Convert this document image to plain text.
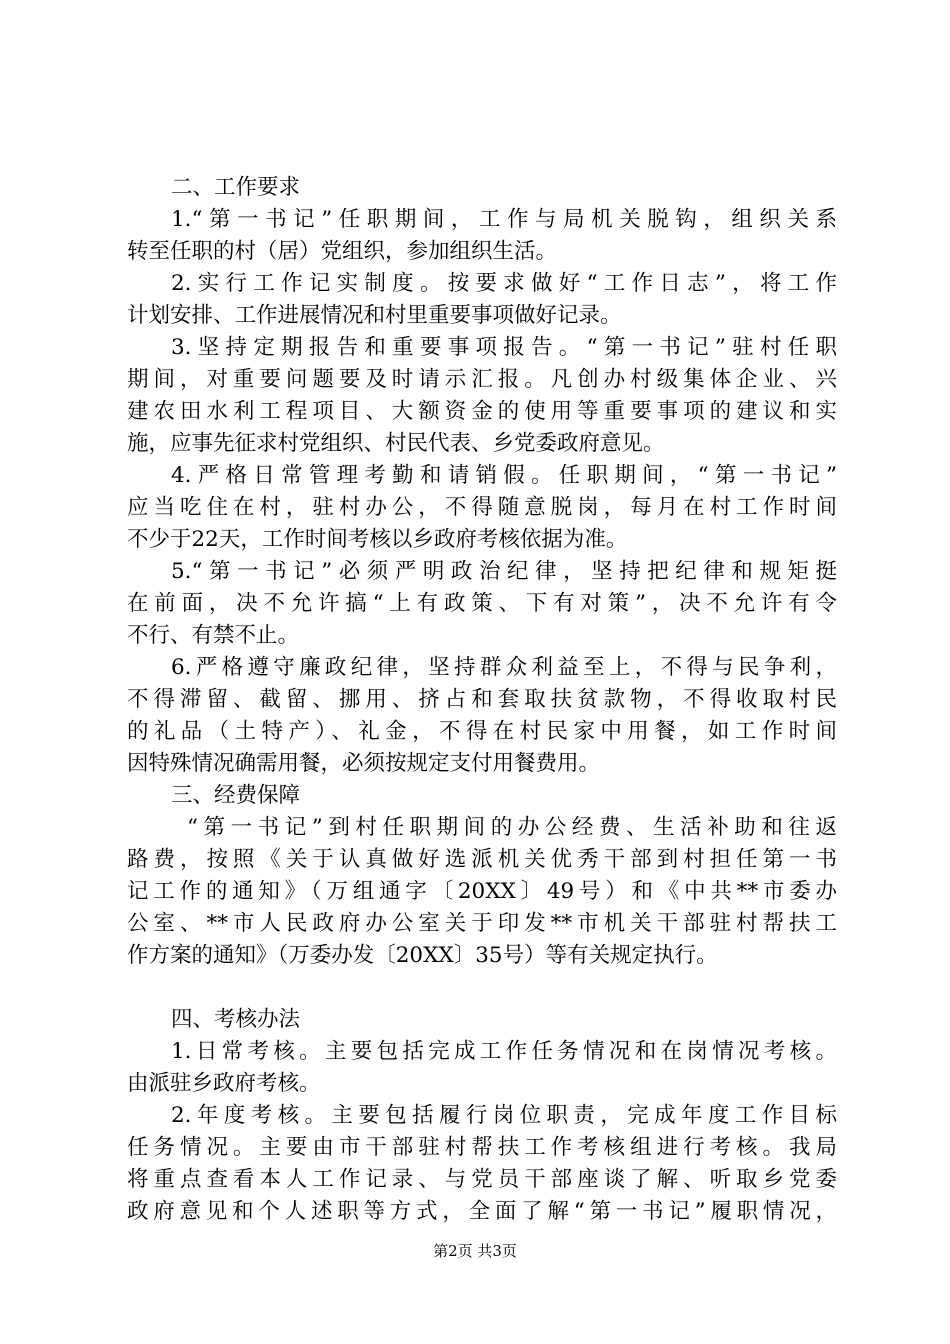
二、工作要求
1.“第一书记”任职期间，工作与局机关脱钩，组织关系
转至任职的村（居）党组织，参加组织生活。
2.实行工作记实制度。按要求做好“工作日志”，将工作
计划安排、工作进展情况和村里重要事项做好记录。
3.坚持定期报告和重要事项报告。“第一书记”驻村任职
期间，对重要问题要及时请示汇报。凡创办村级集体企业、兴
建农田水利工程项目、大额资金的使用等重要事项的建议和实
施，应事先征求村党组织、村民代表、乡党委政府意见。
4.严格日常管理考勤和请销假。任职期间，“第一书记”
应当吃住在村，驻村办公，不得随意脱岗，每月在村工作时间
不少于22天，工作时间考核以乡政府考核依据为准。
5.“第一书记”必须严明政治纪律，坚持把纪律和规矩挺
在前面，决不允许搞“上有政策、下有对策”，决不允许有令
不行、有禁不止。
6.严格遵守廉政纪律，坚持群众利益至上，不得与民争利，
不得滞留、截留、挪用、挤占和套取扶贫款物，不得收取村民
的礼品（土特产）、礼金，不得在村民家中用餐，如工作时间
因特殊情况确需用餐，必须按规定支付用餐费用。
三、经费保障
“第一书记”到村任职期间的办公经费、生活补助和往返
路费，按照《关于认真做好选派机关优秀干部到村担任第一书
记工作的通知》（万组通字〔20XX〕49号）和《中共**市委办
公室、**市人民政府办公室关于印发**市机关干部驻村帮扶工
作方案的通知》（万委办发〔20XX〕35号）等有关规定执行。
四、考核办法
1.日常考核。主要包括完成工作任务情况和在岗情况考核。
由派驻乡政府考核。
2.年度考核。主要包括履行岗位职责，完成年度工作目标
任务情况。主要由市干部驻村帮扶工作考核组进行考核。我局
将重点查看本人工作记录、与党员干部座谈了解、听取乡党委
政府意见和个人述职等方式，全面了解“第一书记”履职情况，
第2页 共3页
